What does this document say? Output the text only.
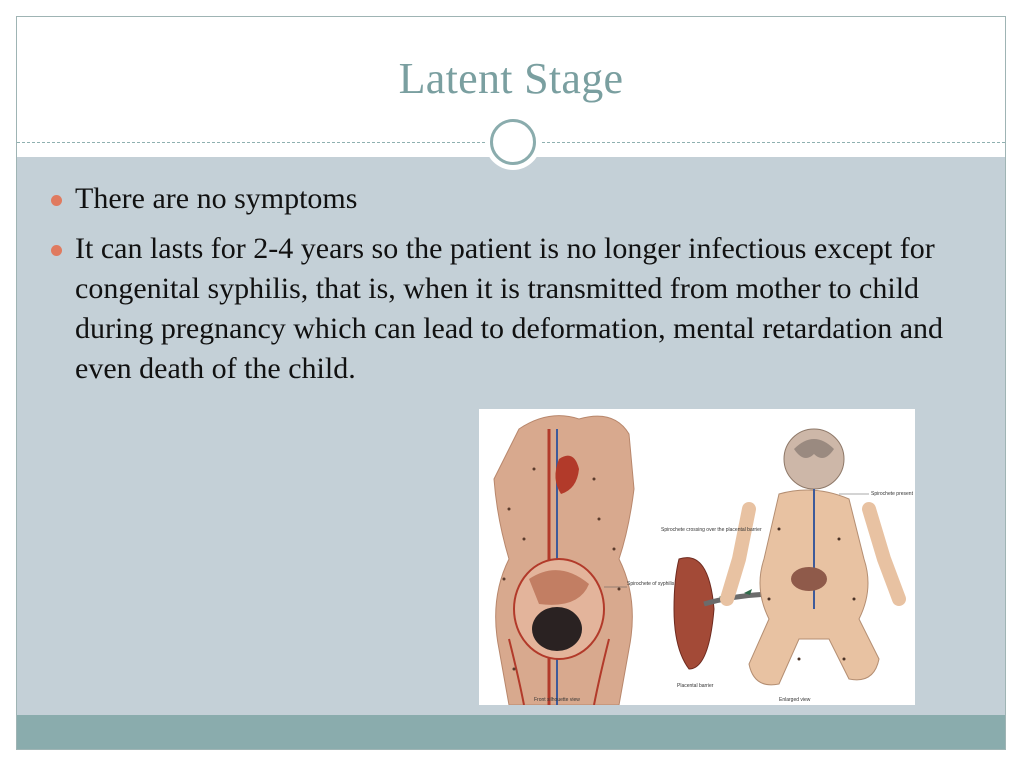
Latent Stage
There are no symptoms
It can lasts for 2-4 years so the patient is no longer infectious except for congenital syphilis, that is, when it is transmitted from mother to child during pregnancy which can lead to deformation, mental retardation and even death of the child.
Spirochete present
Spirochete crossing over the placental barrier
Spirochete of syphilis
Placental barrier
Front silhouette view	Enlarged view
